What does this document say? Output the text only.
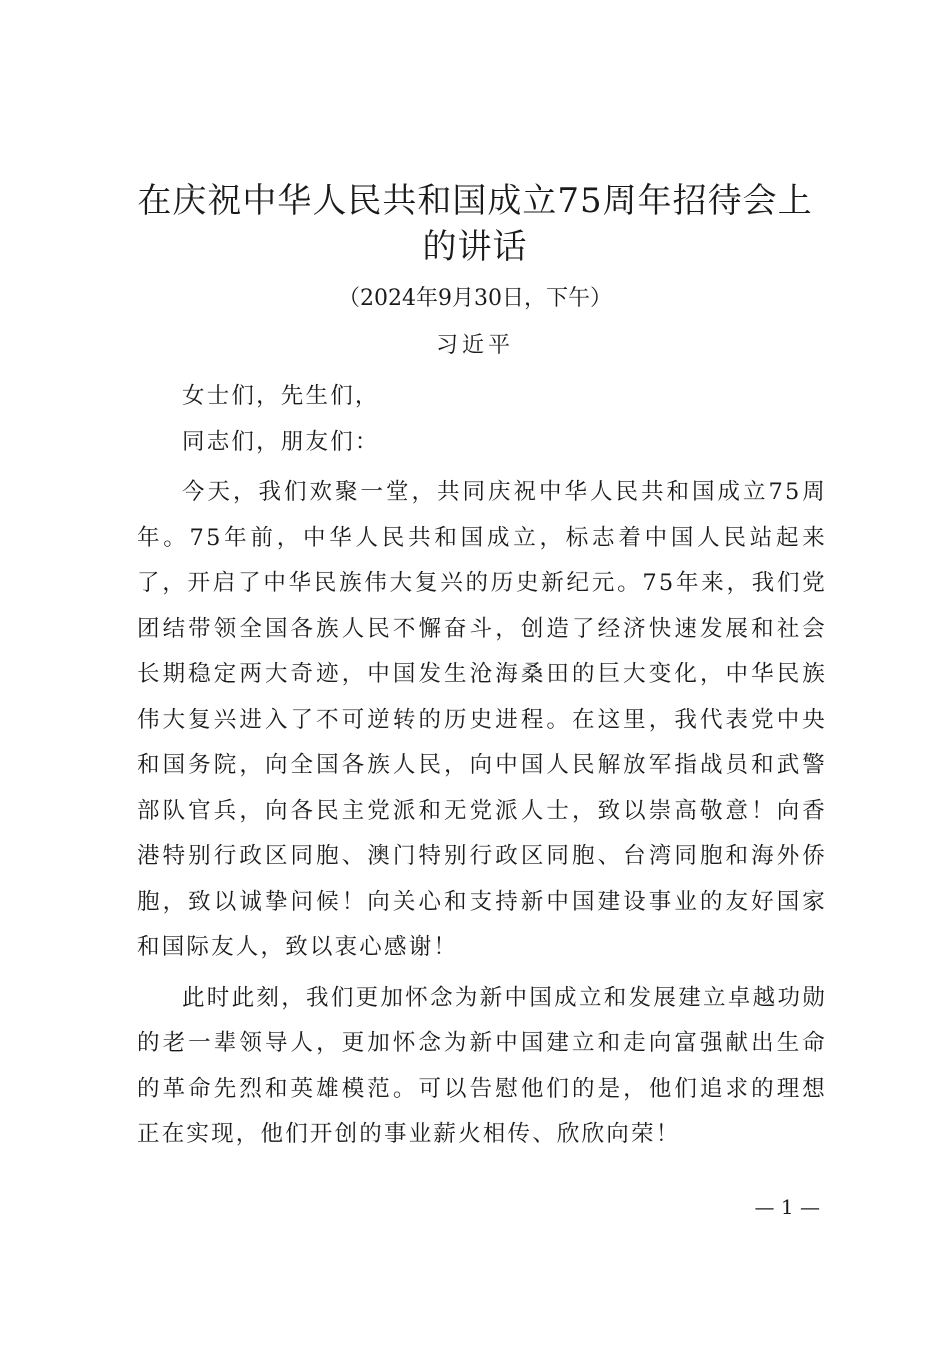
在庆祝中华人民共和国成立75周年招待会上的讲话
（2024年9月30日，下午）
习近平

女士们，先生们，

同志们，朋友们：

今天，我们欢聚一堂，共同庆祝中华人民共和国成立75周年。75年前，中华人民共和国成立，标志着中国人民站起来了，开启了中华民族伟大复兴的历史新纪元。75年来，我们党团结带领全国各族人民不懈奋斗，创造了经济快速发展和社会长期稳定两大奇迹，中国发生沧海桑田的巨大变化，中华民族伟大复兴进入了不可逆转的历史进程。在这里，我代表党中央和国务院，向全国各族人民，向中国人民解放军指战员和武警部队官兵，向各民主党派和无党派人士，致以崇高敬意！向香港特别行政区同胞、澳门特别行政区同胞、台湾同胞和海外侨胞，致以诚挚问候！向关心和支持新中国建设事业的友好国家和国际友人，致以衷心感谢！

此时此刻，我们更加怀念为新中国成立和发展建立卓越功勋的老一辈领导人，更加怀念为新中国建立和走向富强献出生命的革命先烈和英雄模范。可以告慰他们的是，他们追求的理想正在实现，他们开创的事业薪火相传、欣欣向荣！

— 1 —
